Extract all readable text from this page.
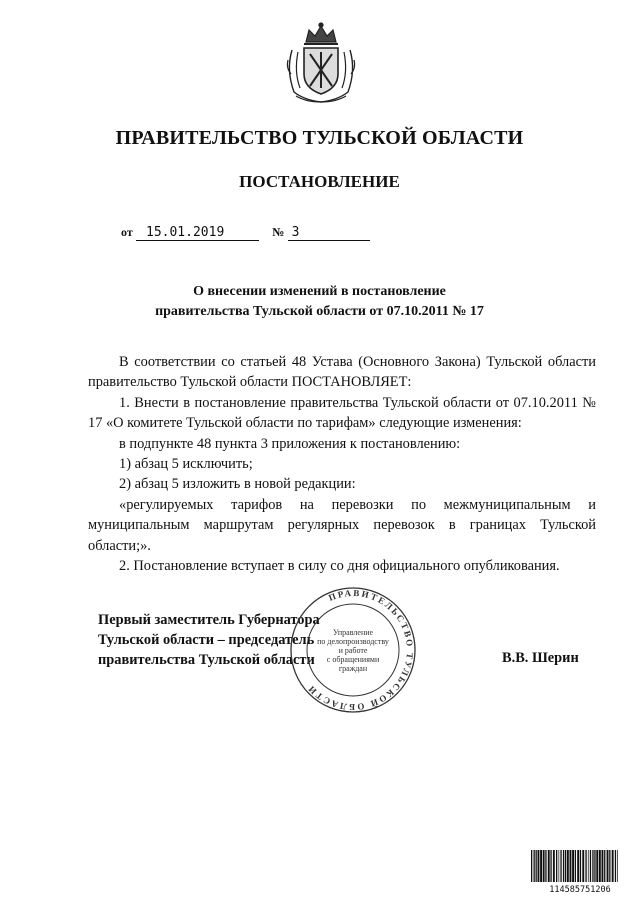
ПРАВИТЕЛЬСТВО ТУЛЬСКОЙ ОБЛАСТИ
ПОСТАНОВЛЕНИЕ
от 15.01.2019	№ 3
О внесении изменений в постановление
правительства Тульской области от 07.10.2011 № 17

В соответствии со статьей 48 Устава (Основного Закона) Тульской области правительство Тульской области ПОСТАНОВЛЯЕТ:

1. Внести в постановление правительства Тульской области от 07.10.2011 № 17 «О комитете Тульской области по тарифам» следующие изменения:

в подпункте 48 пункта 3 приложения к постановлению:

1) абзац 5 исключить;

2) абзац 5 изложить в новой редакции:

«регулируемых тарифов на перевозки по межмуниципальным и муниципальным маршрутам регулярных перевозок в границах Тульской области;».

2. Постановление вступает в силу со дня официального опубликования.

Первый заместитель Губернатора
Тульской области – председатель
правительства Тульской области	В.В. Шерин
ПРАВИТЕЛЬСТВО ТУЛЬСКОЙ ОБЛАСТИ
Управление
по делопроизводству
и работе
с обращениями
граждан
114585751206
